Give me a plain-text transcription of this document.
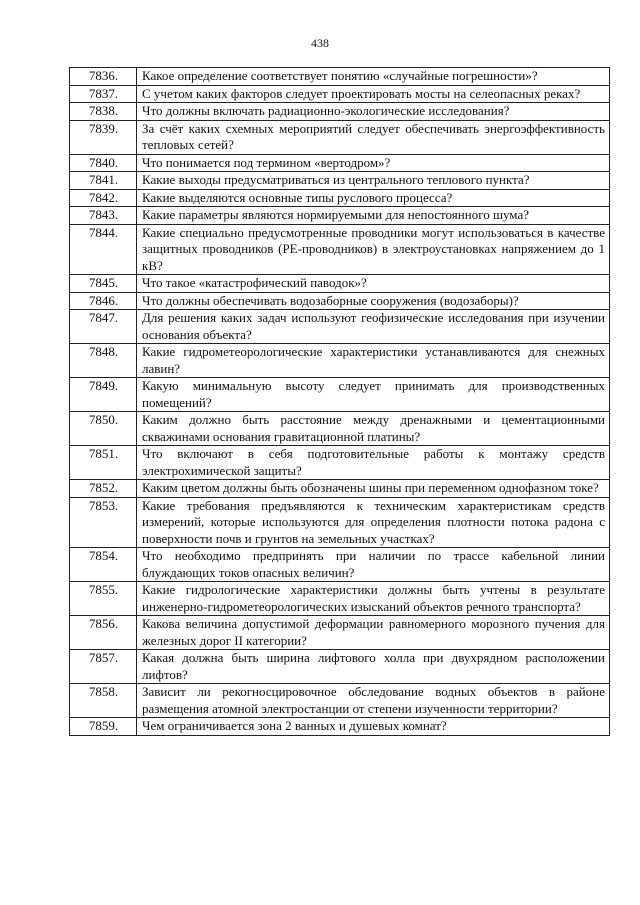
438
7836.	Какое определение соответствует понятию «случайные погрешности»?
7837.	С учетом каких факторов следует проектировать мосты на селеопасных реках?
7838.	Что должны включать радиационно-экологические исследования?
7839.	За счёт каких схемных мероприятий следует обеспечивать энергоэффективность тепловых сетей?
7840.	Что понимается под термином «вертодром»?
7841.	Какие выходы предусматриваться из центрального теплового пункта?
7842.	Какие выделяются основные типы руслового процесса?
7843.	Какие параметры являются нормируемыми для непостоянного шума?
7844.	Какие специально предусмотренные проводники могут использоваться в качестве защитных проводников (PE-проводников) в электроустановках напряжением до 1 кВ?
7845.	Что такое «катастрофический паводок»?
7846.	Что должны обеспечивать водозаборные сооружения (водозаборы)?
7847.	Для решения каких задач используют геофизические исследования при изучении основания объекта?
7848.	Какие гидрометеорологические характеристики устанавливаются для снежных лавин?
7849.	Какую минимальную высоту следует принимать для производственных помещений?
7850.	Каким должно быть расстояние между дренажными и цементационными скважинами основания гравитационной платины?
7851.	Что включают в себя подготовительные работы к монтажу средств электрохимической защиты?
7852.	Каким цветом должны быть обозначены шины при переменном однофазном токе?
7853.	Какие требования предъявляются к техническим характеристикам средств измерений, которые используются для определения плотности потока радона с поверхности почв и грунтов на земельных участках?
7854.	Что необходимо предпринять при наличии по трассе кабельной линии блуждающих токов опасных величин?
7855.	Какие гидрологические характеристики должны быть учтены в результате инженерно-гидрометеорологических изысканий объектов речного транспорта?
7856.	Какова величина допустимой деформации равномерного морозного пучения для железных дорог II категории?
7857.	Какая должна быть ширина лифтового холла при двухрядном расположении лифтов?
7858.	Зависит ли рекогносцировочное обследование водных объектов в районе размещения атомной электростанции от степени изученности территории?
7859.	Чем ограничивается зона 2 ванных и душевых комнат?
